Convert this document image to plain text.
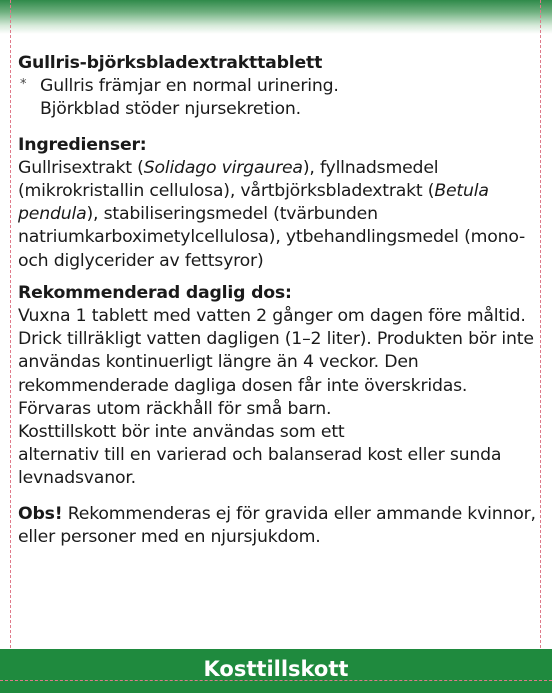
Gullris-björksbladextrakttablett

* Gullris främjar en normal urinering.
Björkblad stöder njursekretion.

Ingredienser:

Gullrisextrakt (Solidago virgaurea), fyllnadsmedel (mikrokristallin cellulosa), vårtbjörksbladextrakt (Betula pendula), stabiliseringsmedel (tvärbunden natriumkarboximetylcellulosa), ytbehandlingsmedel (mono- och diglycerider av fettsyror)

Rekommenderad daglig dos:

Vuxna 1 tablett med vatten 2 gånger om dagen före måltid. Drick tillräkligt vatten dagligen (1–2 liter). Produkten bör inte användas kontinuerligt längre än 4 veckor. Den rekommenderade dagliga dosen får inte överskridas. Förvaras utom räckhåll för små barn.

Kosttillskott bör inte användas som ett

alternativ till en varierad och balanserad kost eller sunda levnadsvanor.

Obs! Rekommenderas ej för gravida eller ammande kvinnor, eller personer med en njursjukdom.

Kosttillskott
